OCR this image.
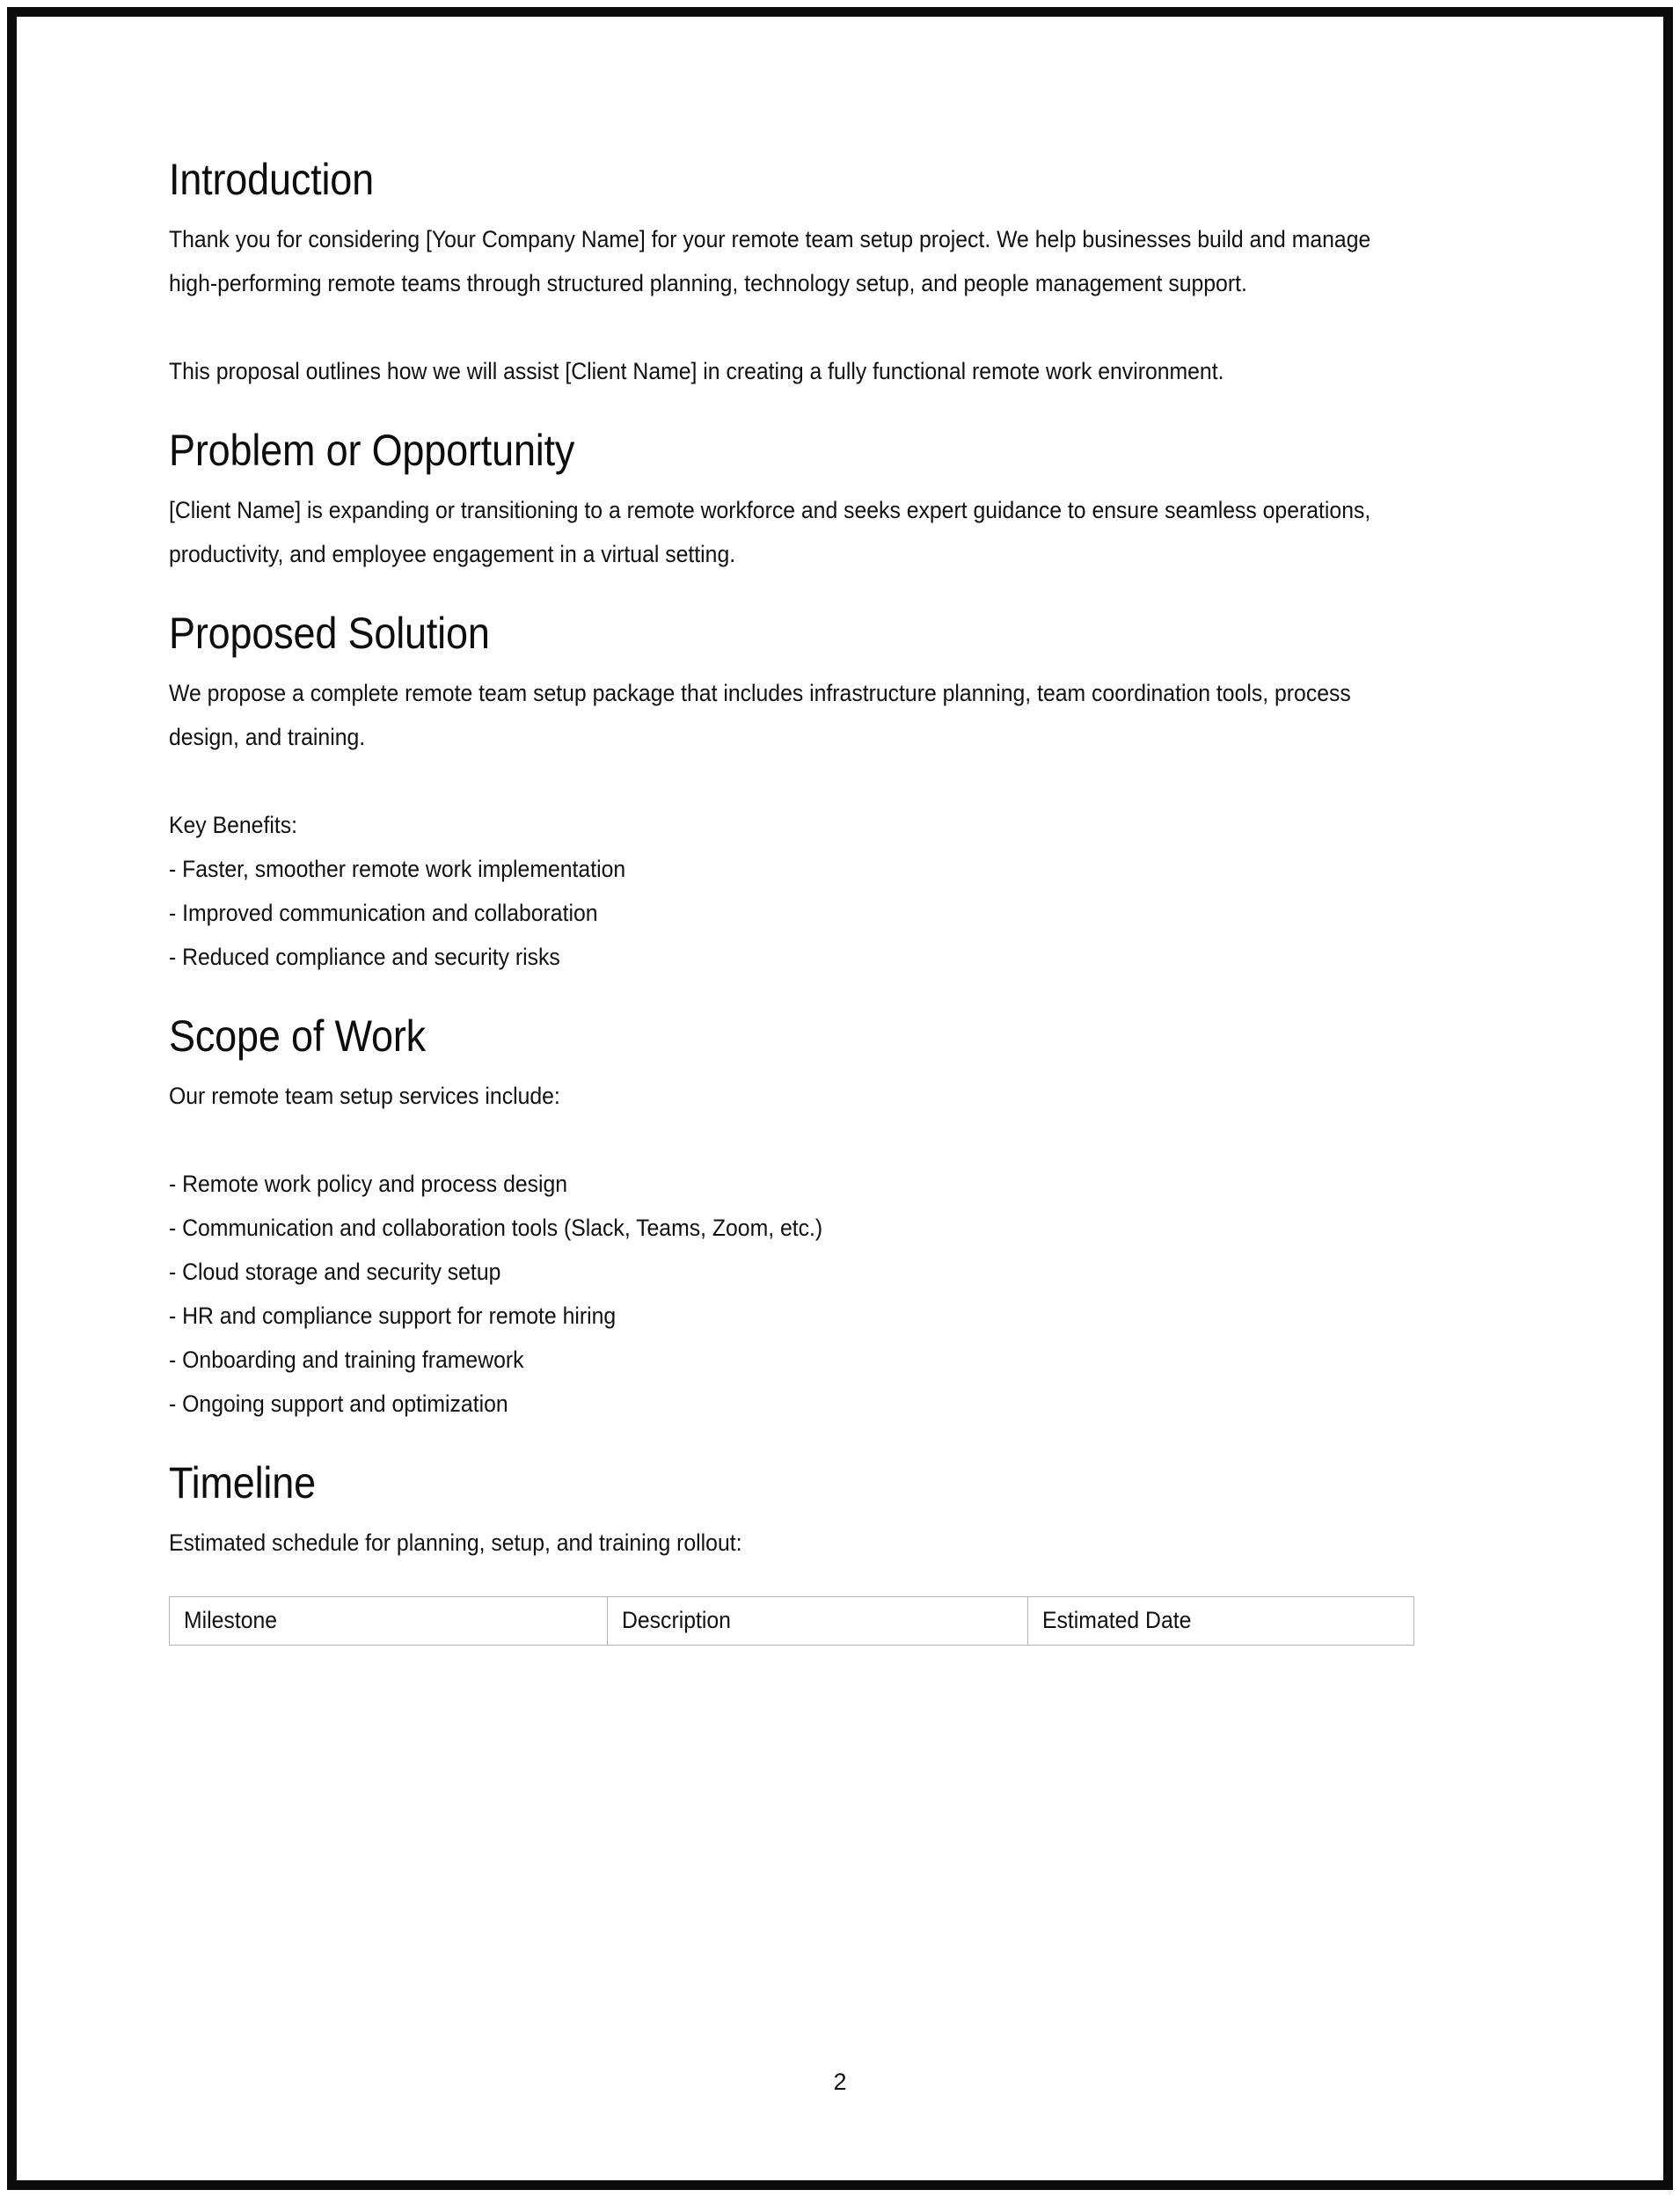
Introduction

Thank you for considering [Your Company Name] for your remote team setup project. We help businesses build and manage high-performing remote teams through structured planning, technology setup, and people management support.

This proposal outlines how we will assist [Client Name] in creating a fully functional remote work environment.

Problem or Opportunity

[Client Name] is expanding or transitioning to a remote workforce and seeks expert guidance to ensure seamless operations, productivity, and employee engagement in a virtual setting.

Proposed Solution

We propose a complete remote team setup package that includes infrastructure planning, team coordination tools, process design, and training.

Key Benefits:
- Faster, smoother remote work implementation
- Improved communication and collaboration
- Reduced compliance and security risks
Scope of Work

Our remote team setup services include:

- Remote work policy and process design
- Communication and collaboration tools (Slack, Teams, Zoom, etc.)
- Cloud storage and security setup
- HR and compliance support for remote hiring
- Onboarding and training framework
- Ongoing support and optimization
Timeline

Estimated schedule for planning, setup, and training rollout:

Milestone	Description	Estimated Date
2
